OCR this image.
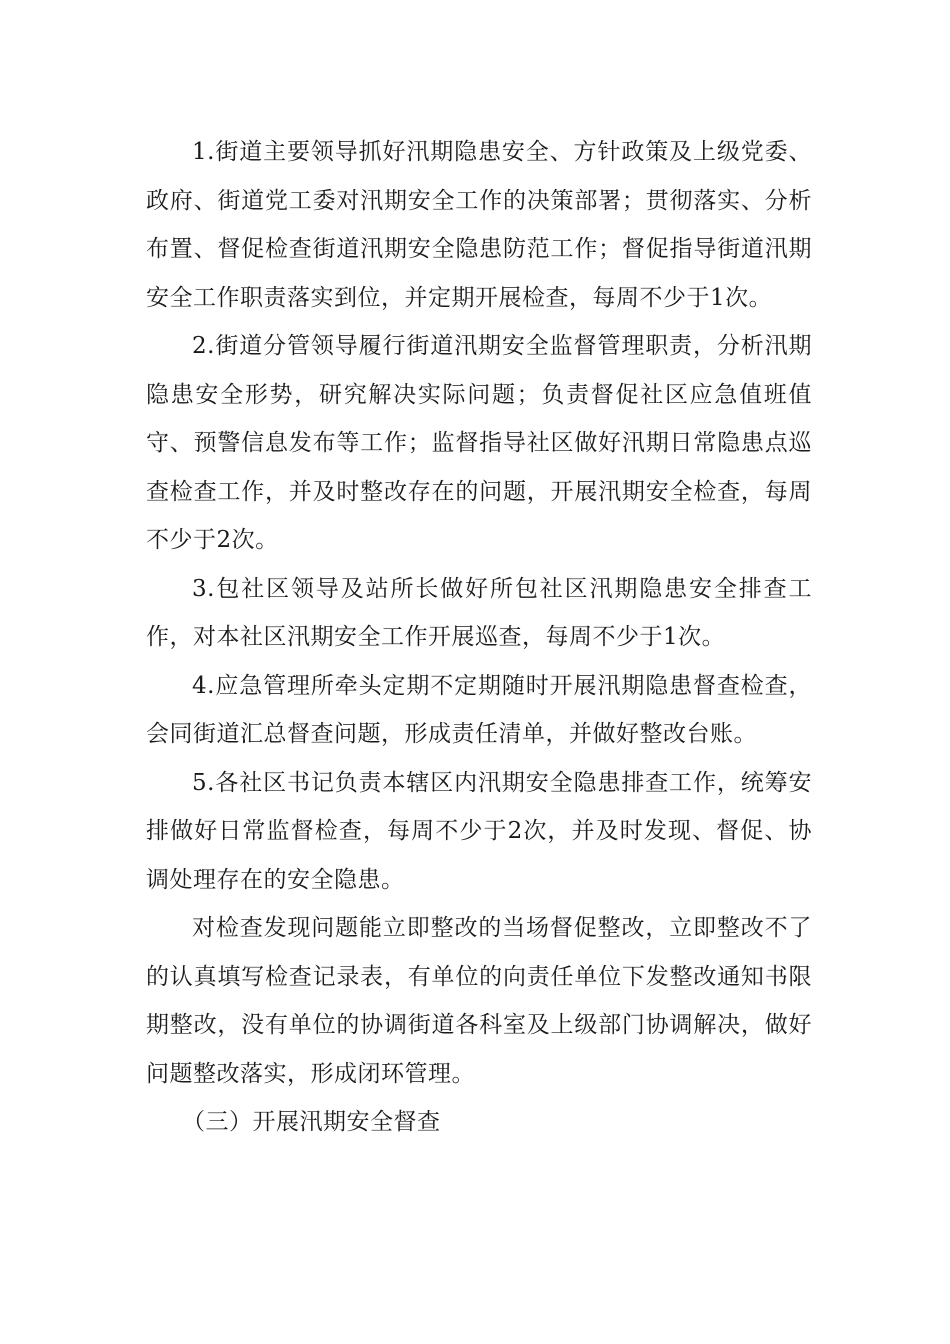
1.街道主要领导抓好汛期隐患安全、方针政策及上级党委、政府、街道党工委对汛期安全工作的决策部署；贯彻落实、分析布置、督促检查街道汛期安全隐患防范工作；督促指导街道汛期安全工作职责落实到位，并定期开展检查，每周不少于1次。

2.街道分管领导履行街道汛期安全监督管理职责，分析汛期隐患安全形势，研究解决实际问题；负责督促社区应急值班值守、预警信息发布等工作；监督指导社区做好汛期日常隐患点巡查检查工作，并及时整改存在的问题，开展汛期安全检查，每周不少于2次。

3.包社区领导及站所长做好所包社区汛期隐患安全排查工作，对本社区汛期安全工作开展巡查，每周不少于1次。

4.应急管理所牵头定期不定期随时开展汛期隐患督查检查，会同街道汇总督查问题，形成责任清单，并做好整改台账。

5.各社区书记负责本辖区内汛期安全隐患排查工作，统筹安排做好日常监督检查，每周不少于2次，并及时发现、督促、协调处理存在的安全隐患。

对检查发现问题能立即整改的当场督促整改，立即整改不了的认真填写检查记录表，有单位的向责任单位下发整改通知书限期整改，没有单位的协调街道各科室及上级部门协调解决，做好问题整改落实，形成闭环管理。

（三）开展汛期安全督查
